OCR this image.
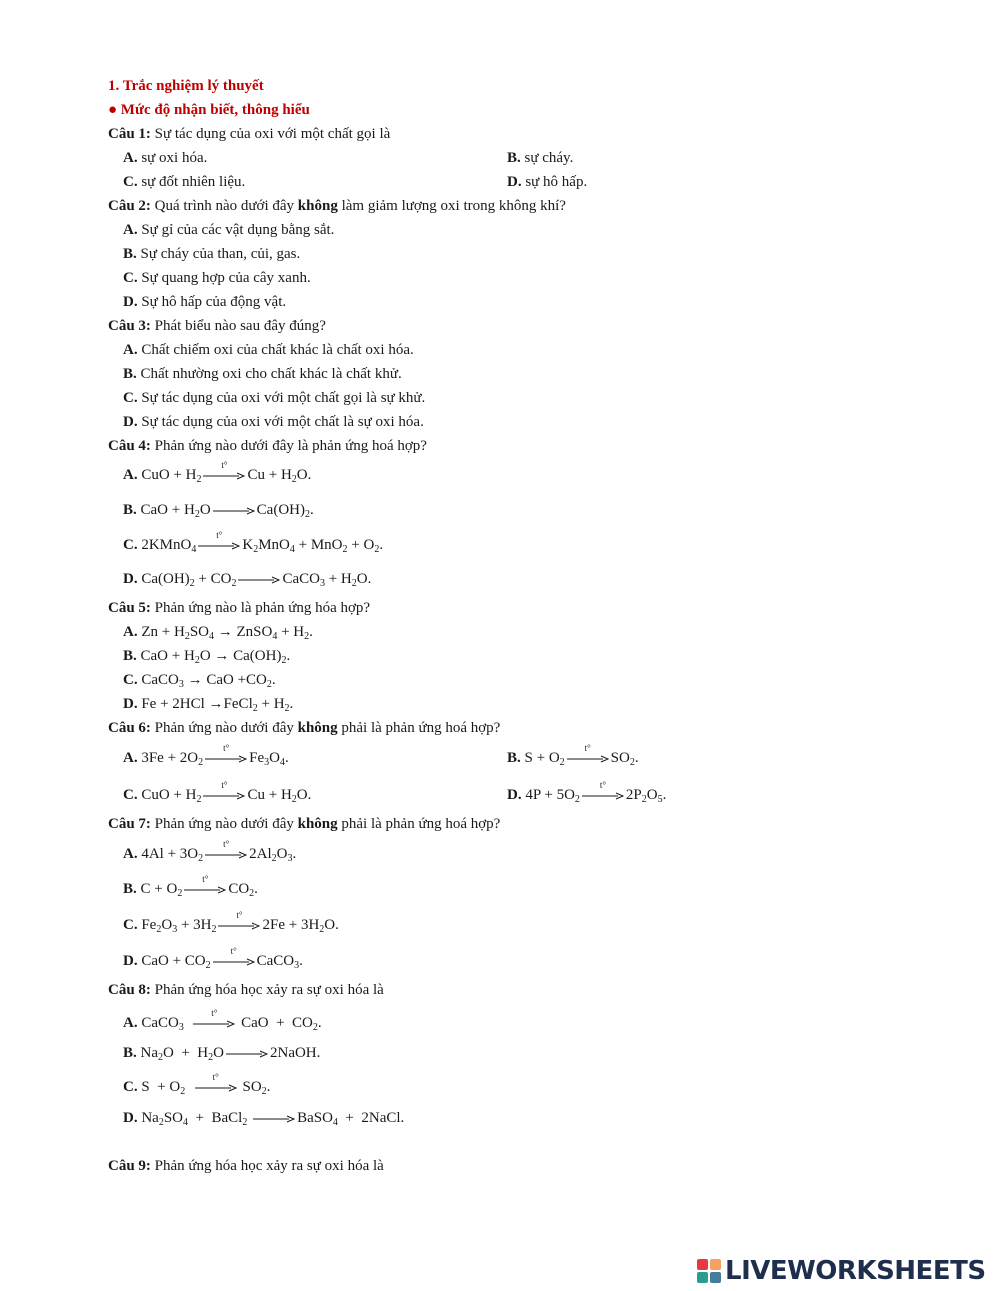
1. Trắc nghiệm lý thuyết
● Mức độ nhận biết, thông hiểu
Câu 1: Sự tác dụng của oxi với một chất gọi là
A. sự oxi hóa.	B. sự cháy.
C. sự đốt nhiên liệu.	D. sự hô hấp.
Câu 2: Quá trình nào dưới đây không làm giảm lượng oxi trong không khí?
A. Sự gỉ của các vật dụng bằng sắt.
B. Sự cháy của than, củi, gas.
C. Sự quang hợp của cây xanh.
D. Sự hô hấp của động vật.
Câu 3: Phát biểu nào sau đây đúng?
A. Chất chiếm oxi của chất khác là chất oxi hóa.
B. Chất nhường oxi cho chất khác là chất khử.
C. Sự tác dụng của oxi với một chất gọi là sự khử.
D. Sự tác dụng của oxi với một chất là sự oxi hóa.
Câu 4: Phản ứng nào dưới đây là phản ứng hoá hợp?
A. CuO + $H_2$
t°
$Cu + H_2O$.
B. CaO + $H_2O \to Ca(OH)_2$.
C. 2KMnO$_4$
t°
$K_2MnO_4 + MnO_2 + O_2$.
D. $Ca(OH)_2 + CO_2$ → CaCO$_3$ + $H_2O$.
Câu 5: Phản ứng nào là phản ứng hóa hợp?
A. $Zn + H_2SO_4$ → ZnSO$_4$ + $H_2$.
B. CaO + $H_2O \to Ca(OH)_2$.
C. CaCO$_3$ → CaO $+CO_2$.
D. Fe + 2HCl →FeCl$_2$ + $H_2$.
Câu 6: Phản ứng nào dưới đây không phải là phản ứng hoá hợp?
A. $3Fe + 2O_2$
t°
$Fe_3O_4$.	B. $S + O_2$
t°
$SO_2$.
C. CuO + $H_2$
t°
$Cu + H_2O$.	D. $4P + 5O_2$
t°
$2P_2O_5$.
Câu 7: Phản ứng nào dưới đây không phải là phản ứng hoá hợp?
A. $4Al + 3O_2$
t°
$2Al_2O_3$.
B. $C + O_2$
t°
$CO_2$.
C. $Fe_2O_3 + 3H_2$
t°
$2Fe + 3H_2O$.
D. CaO + $CO_2$
t°
CaCO$_3$.
Câu 8: Phản ứng hóa học xảy ra sự oxi hóa là
A. CaCO$_3$
t°
CaO  +  $CO_2$.
B. $Na_2O + H_2O$ → 2NaOH.
C. $S + O_2$
t°
$SO_2$.
D. $Na_2SO_4$  +  BaCl$_2$ → BaSO$_4$  +  2NaCl.
Câu 9: Phản ứng hóa học xảy ra sự oxi hóa là
LIVEWORKSHEETS
